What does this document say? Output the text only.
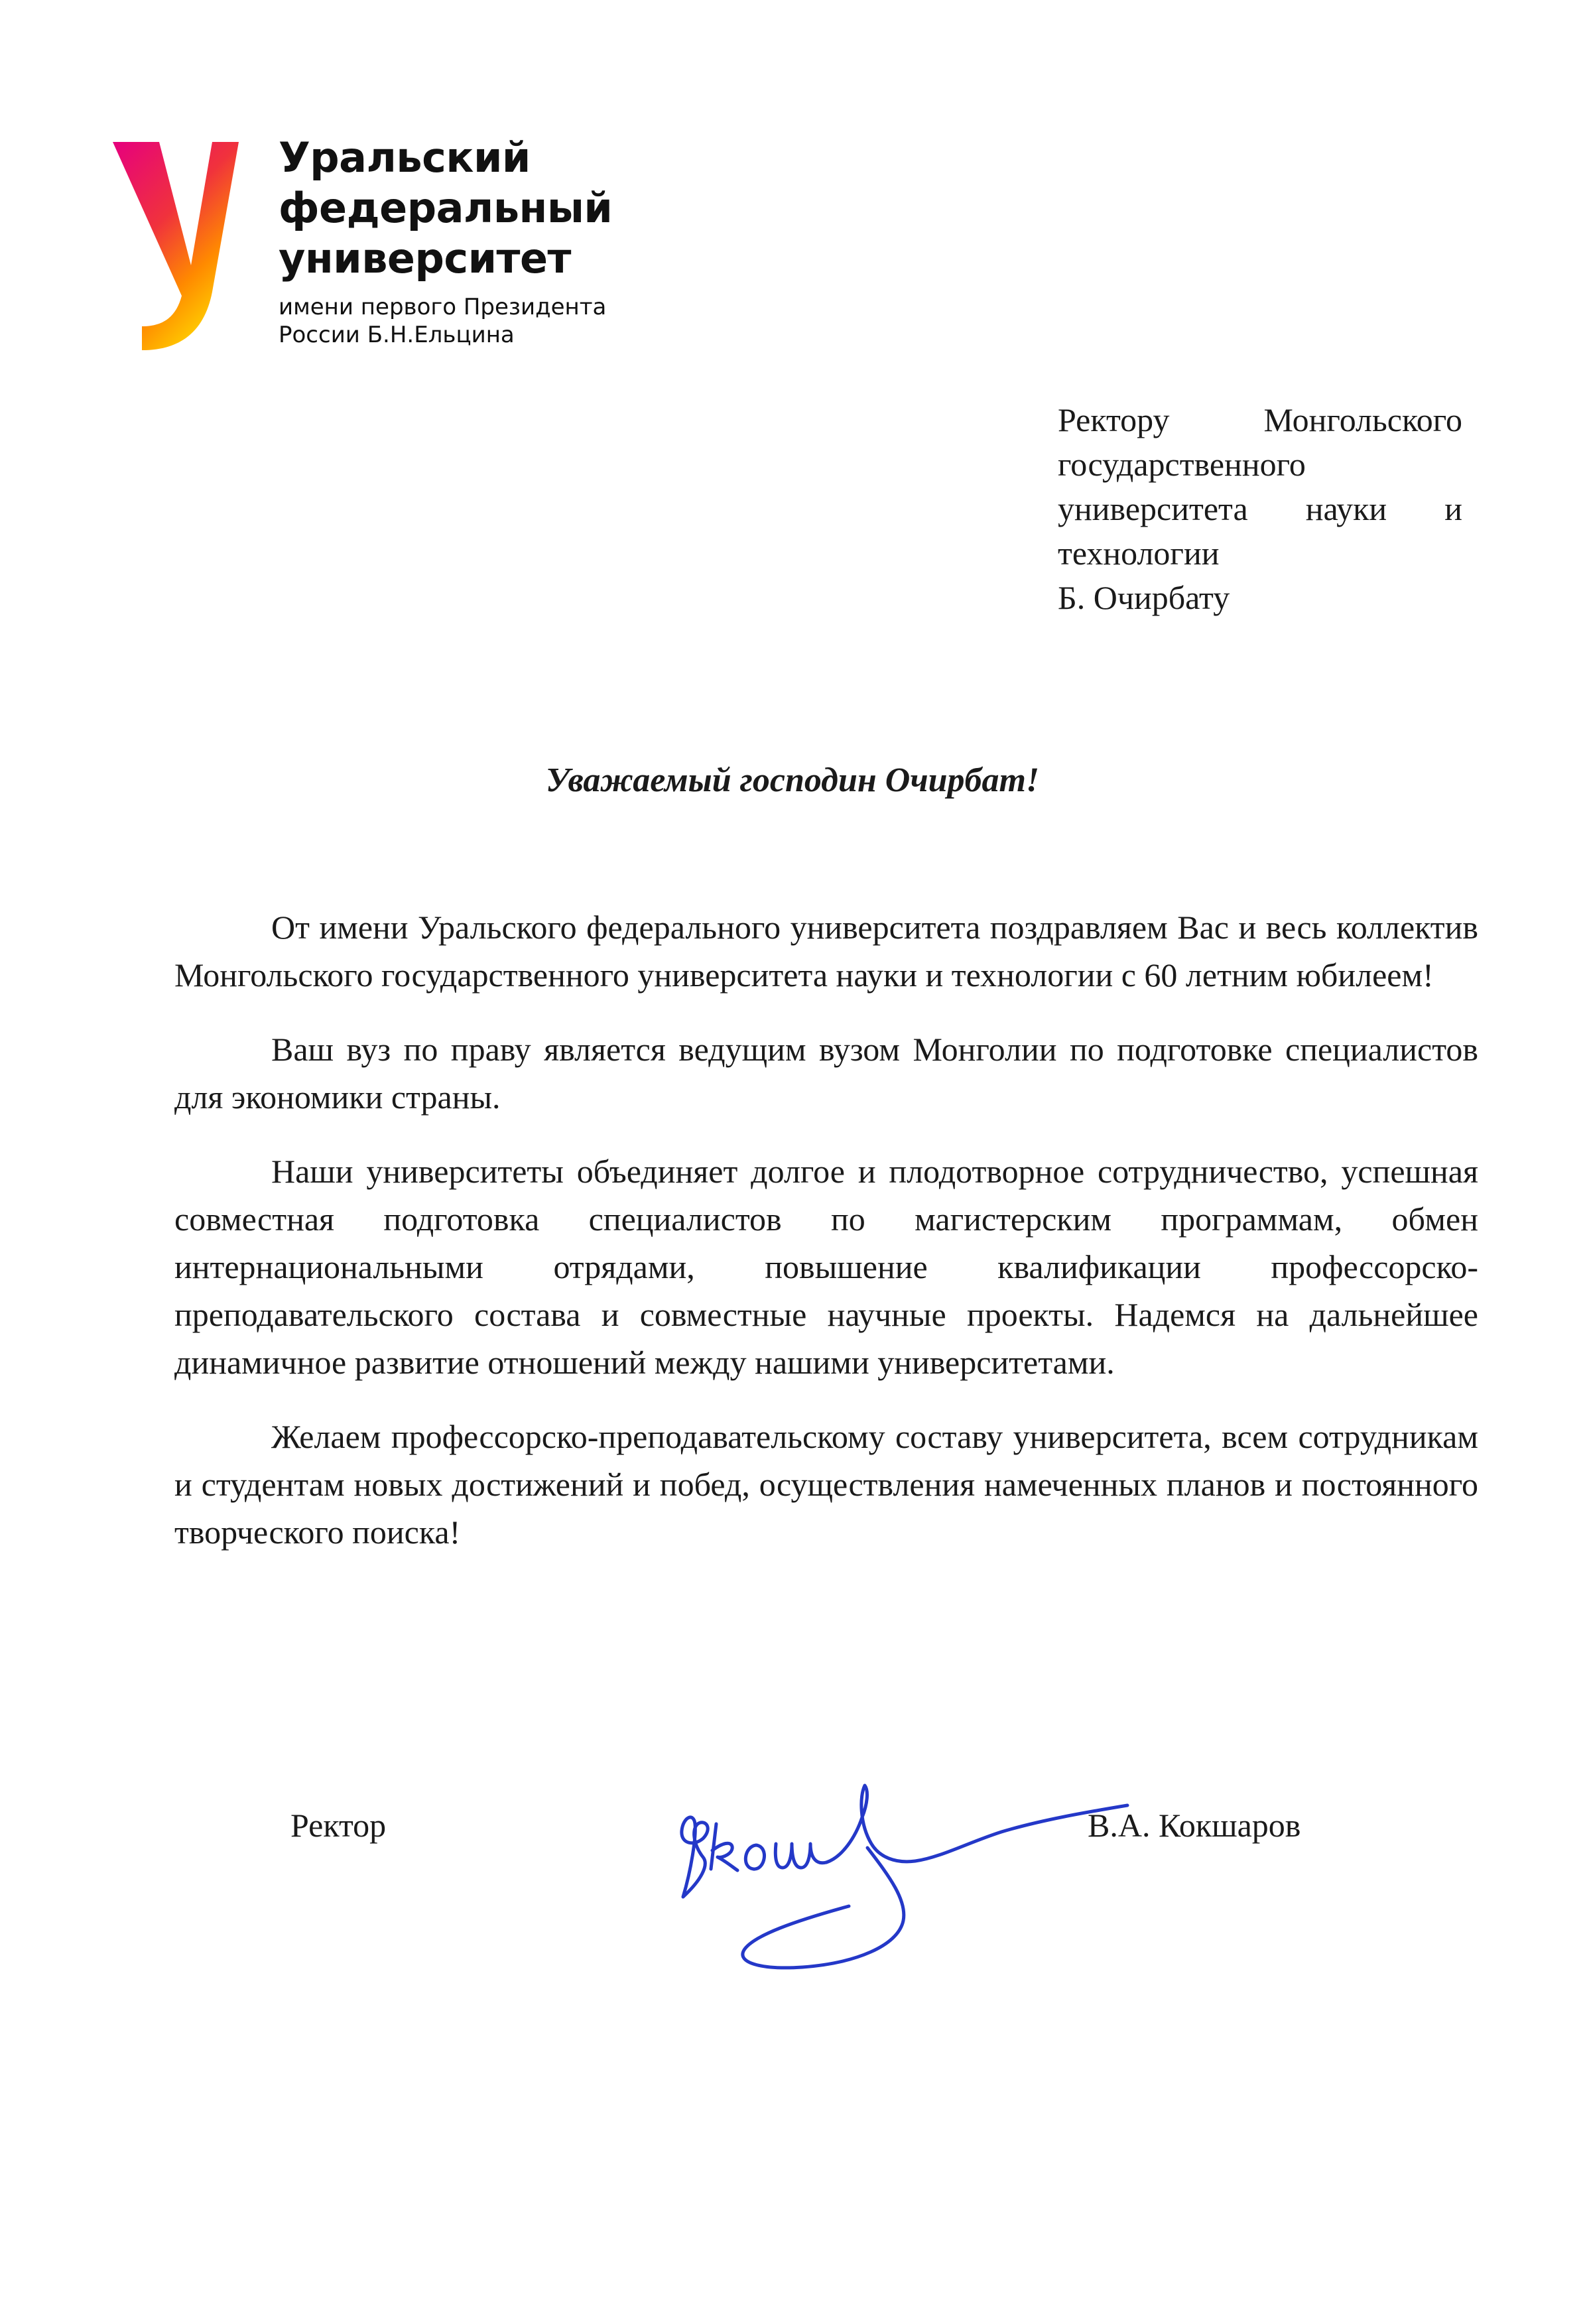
Уральский
федеральный
университет
имени первого Президента
России Б.Н.Ельцина
Ректору Монгольского
государственного
университета науки и
технологии
Б. Очирбату
Уважаемый господин Очирбат!

От имени Уральского федерального университета поздравляем Вас и весь коллектив Монгольского государственного университета науки и технологии с 60 летним юбилеем!

Ваш вуз по праву является ведущим вузом Монголии по подготовке специалистов для экономики страны.

Наши университеты объединяет долгое и плодотворное сотрудничество, успешная совместная подготовка специалистов по магистерским программам, обмен интернациональными отрядами, повышение квалификации профессорско-преподавательского состава и совместные научные проекты. Надемся на дальнейшее динамичное развитие отношений между нашими университетами.

Желаем профессорско-преподавательскому составу университета, всем сотрудникам и студентам новых достижений и побед, осуществления намеченных планов и постоянного творческого поиска!

Ректор	В.А. Кокшаров
